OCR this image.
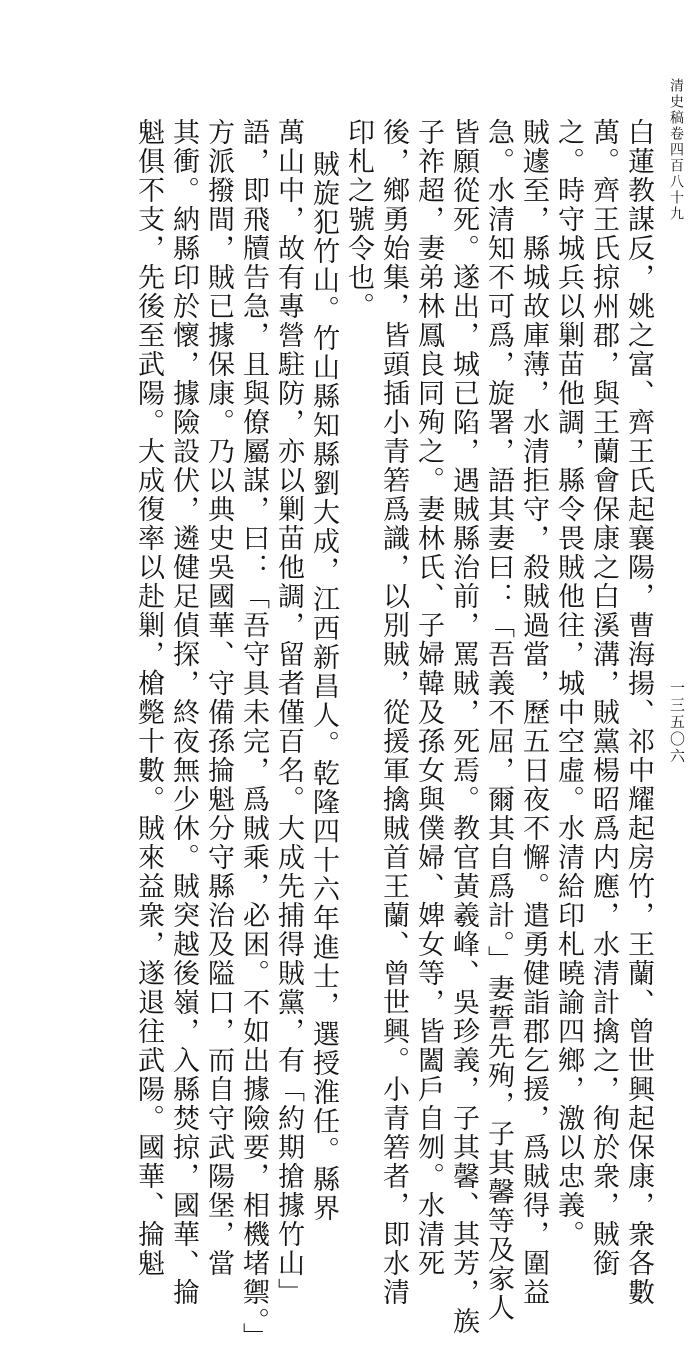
清史稿卷四百八十九
一三五〇六
白蓮教謀反，姚之富、齊王氏起襄陽，曹海揚、祁中耀起房竹，王蘭、曾世興起保康，衆各數
萬。齊王氏掠州郡，與王蘭會保康之白溪溝，賊黨楊昭爲内應，水清計擒之，徇於衆，賊銜
之。時守城兵以剿苗他調，縣令畏賊他往，城中空虛。水清給印札曉諭四鄉，激以忠義。
賊遽至，縣城故庫薄，水清拒守，殺賊過當，歷五日夜不懈。遣勇健詣郡乞援，爲賊得，圍益
急。水清知不可爲，旋署，語其妻曰：「吾義不屈，爾其自爲計。」妻誓先殉，子其馨等及家人
皆願從死。遂出，城已陷，遇賊縣治前，罵賊，死焉。教官黃羲峰、吳珍義，子其馨、其芳，族
子祚超，妻弟林鳳良同殉之。妻林氏、子婦韓及孫女與僕婦、婢女等，皆闔戶自刎。水清死
後，鄉勇始集，皆頭插小青箬爲識，以別賊，從援軍擒賊首王蘭、曾世興。小青箬者，即水清
印札之號令也。
賊旋犯竹山。竹山縣知縣劉大成，江西新昌人。乾隆四十六年進士，選授淮任。縣界
萬山中，故有專營駐防，亦以剿苗他調，留者僅百名。大成先捕得賊黨，有「約期搶據竹山」
語，即飛牘告急，且與僚屬謀，曰：「吾守具未完，爲賊乘，必困。不如出據險要，相機堵禦。」
方派撥間，賊已據保康。乃以典史吳國華、守備孫掄魁分守縣治及隘口，而自守武陽堡，當
其衝。納縣印於懷，據險設伏，遴健足偵探，終夜無少休。賊突越後嶺，入縣焚掠，國華、掄
魁俱不支，先後至武陽。大成復率以赴剿，槍斃十數。賊來益衆，遂退往武陽。國華、掄魁
